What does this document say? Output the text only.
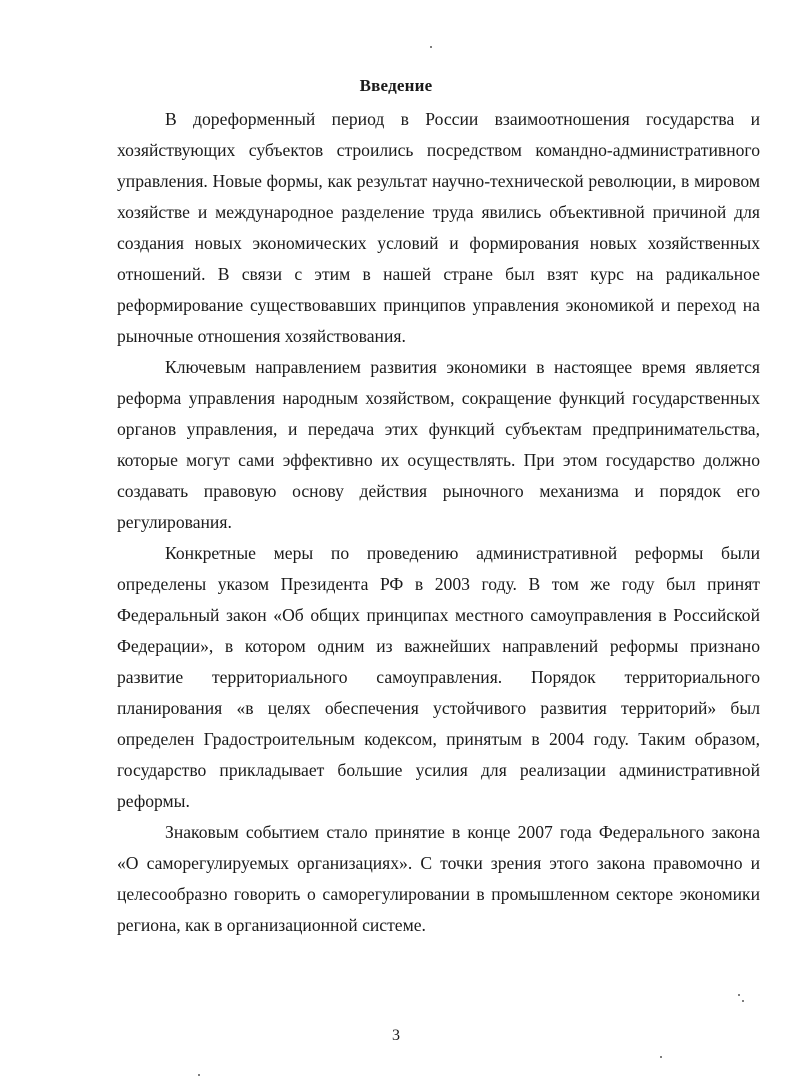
Введение

В дореформенный период в России взаимоотношения государства и хозяйствующих субъектов строились посредством командно-административного управления. Новые формы, как результат научно-технической революции, в мировом хозяйстве и международное разделение труда явились объективной причиной для создания новых экономических условий и формирования новых хозяйственных отношений. В связи с этим в нашей стране был взят курс на радикальное реформирование существовавших принципов управления экономикой и переход на рыночные отношения хозяйствования.

Ключевым направлением развития экономики в настоящее время является реформа управления народным хозяйством, сокращение функций государственных органов управления, и передача этих функций субъектам предпринимательства, которые могут сами эффективно их осуществлять. При этом государство должно создавать правовую основу действия рыночного механизма и порядок его регулирования.

Конкретные меры по проведению административной реформы были определены указом Президента РФ в 2003 году. В том же году был принят Федеральный закон «Об общих принципах местного самоуправления в Российской Федерации», в котором одним из важнейших направлений реформы признано развитие территориального самоуправления. Порядок территориального планирования «в целях обеспечения устойчивого развития территорий» был определен Градостроительным кодексом, принятым в 2004 году. Таким образом, государство прикладывает большие усилия для реализации административной реформы.

Знаковым событием стало принятие в конце 2007 года Федерального закона «О саморегулируемых организациях». С точки зрения этого закона правомочно и целесообразно говорить о саморегулировании в промышленном секторе экономики региона, как в организационной системе.

3
